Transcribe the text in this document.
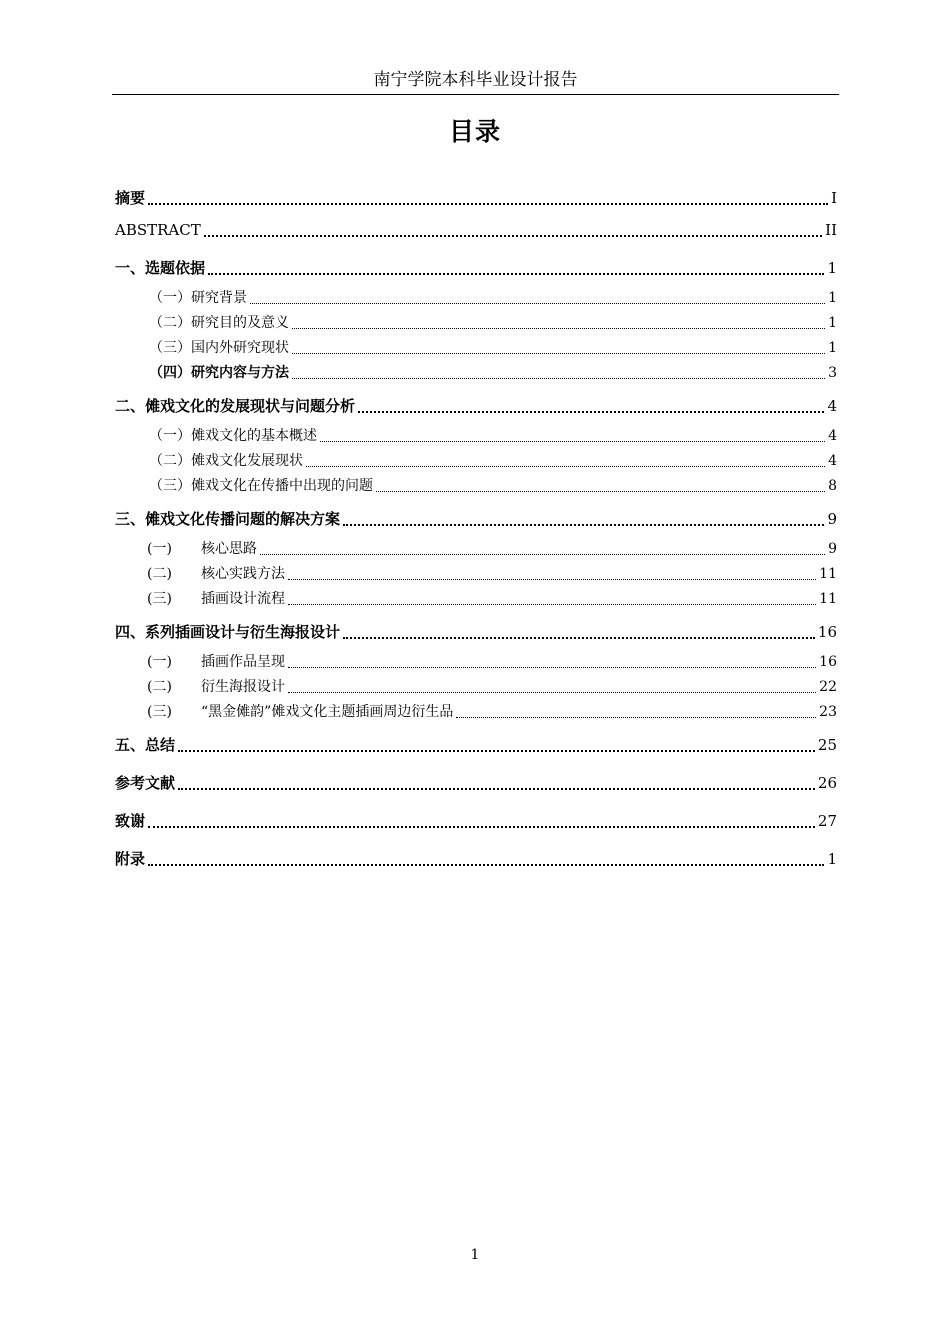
南宁学院本科毕业设计报告
目录
摘要	I
ABSTRACT	II
一、选题依据	1
（一）研究背景	1
（二）研究目的及意义	1
（三）国内外研究现状	1
（四）研究内容与方法	3
二、傩戏文化的发展现状与问题分析	4
（一）傩戏文化的基本概述	4
（二）傩戏文化发展现状	4
（三）傩戏文化在传播中出现的问题	8
三、傩戏文化传播问题的解决方案	9
(一) 核心思路	9
(二) 核心实践方法	11
(三) 插画设计流程	11
四、系列插画设计与衍生海报设计	16
(一) 插画作品呈现	16
(二) 衍生海报设计	22
(三) “黑金傩韵”傩戏文化主题插画周边衍生品	23
五、总结	25
参考文献	26
致谢	27
附录	1
1
